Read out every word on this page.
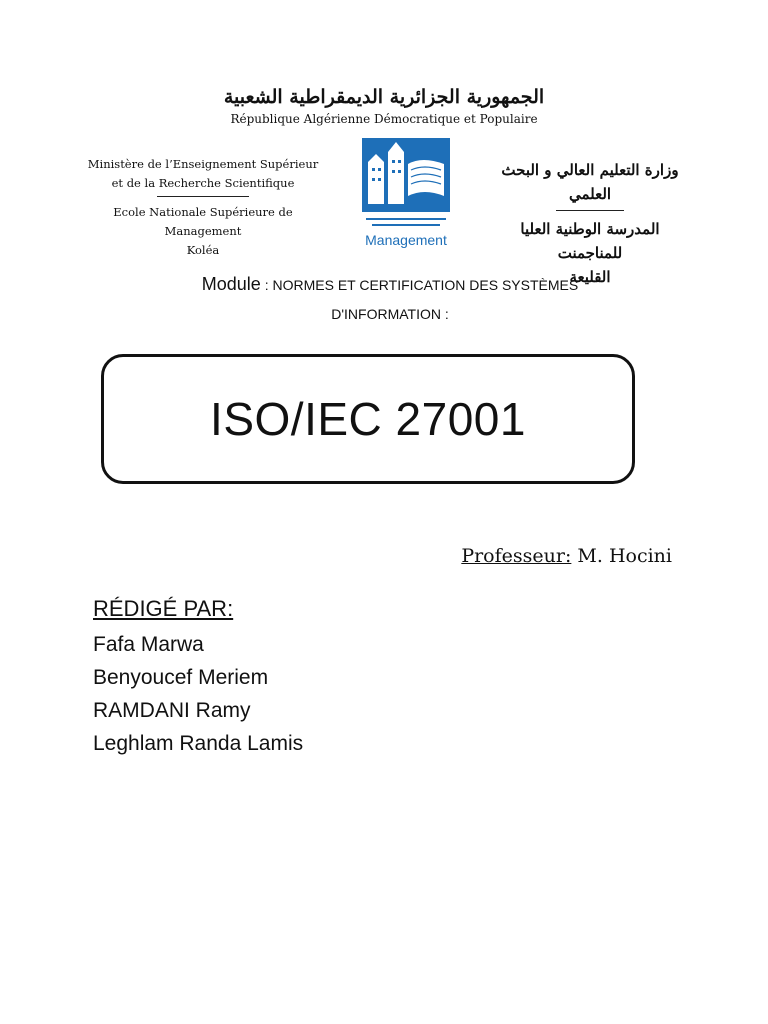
الجمهورية الجزائرية الديمقراطية الشعبية
République Algérienne Démocratique et Populaire
Ministère de l’Enseignement Supérieur
et de la Recherche Scientifique
Ecole Nationale Supérieure de Management
Koléa
Management
وزارة التعليم العالي و البحث العلمي
المدرسة الوطنية العليا للمناجمنت
القليعة
Module : NORMES ET CERTIFICATION DES SYSTÈMES
D'INFORMATION :
ISO/IEC 27001
Professeur: M. Hocini
RÉDIGÉ PAR:
Fafa Marwa
Benyoucef Meriem
RAMDANI Ramy
Leghlam Randa Lamis
